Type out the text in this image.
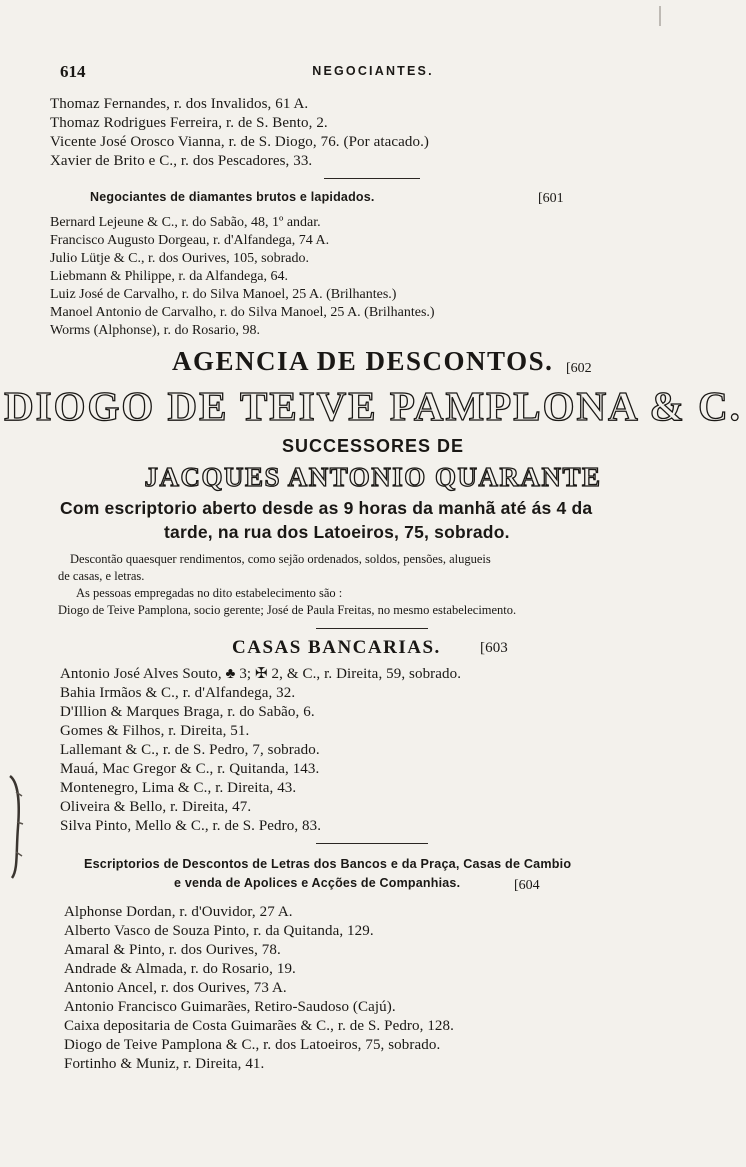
614	NEGOCIANTES.
Thomaz Fernandes, r. dos Invalidos, 61 A.
Thomaz Rodrigues Ferreira, r. de S. Bento, 2.
Vicente José Orosco Vianna, r. de S. Diogo, 76. (Por atacado.)
Xavier de Brito e C., r. dos Pescadores, 33.
Negociantes de diamantes brutos e lapidados.	[601
Bernard Lejeune & C., r. do Sabão, 48, 1º andar.
Francisco Augusto Dorgeau, r. d'Alfandega, 74 A.
Julio Lütje & C., r. dos Ourives, 105, sobrado.
Liebmann & Philippe, r. da Alfandega, 64.
Luiz José de Carvalho, r. do Silva Manoel, 25 A. (Brilhantes.)
Manoel Antonio de Carvalho, r. do Silva Manoel, 25 A. (Brilhantes.)
Worms (Alphonse), r. do Rosario, 98.
AGENCIA DE DESCONTOS. [602
DIOGO DE TEIVE PAMPLONA & C.
SUCCESSORES DE
JACQUES ANTONIO QUARANTE
Com escriptorio aberto desde as 9 horas da manhã até ás 4 da
tarde, na rua dos Latoeiros, 75, sobrado.
Descontão quaesquer rendimentos, como sejão ordenados, soldos, pensões, alugueis
de casas, e letras.
As pessoas empregadas no dito estabelecimento são :
Diogo de Teive Pamplona, socio gerente; José de Paula Freitas, no mesmo estabelecimento.
CASAS BANCARIAS.	[603
Antonio José Alves Souto, ♣ 3; ✠ 2, & C., r. Direita, 59, sobrado.
Bahia Irmãos & C., r. d'Alfandega, 32.
D'Illion & Marques Braga, r. do Sabão, 6.
Gomes & Filhos, r. Direita, 51.
Lallemant & C., r. de S. Pedro, 7, sobrado.
Mauá, Mac Gregor & C., r. Quitanda, 143.
Montenegro, Lima & C., r. Direita, 43.
Oliveira & Bello, r. Direita, 47.
Silva Pinto, Mello & C., r. de S. Pedro, 83.
Escriptorios de Descontos de Letras dos Bancos e da Praça, Casas de Cambio
e venda de Apolices e Acções de Companhias.	[604
Alphonse Dordan, r. d'Ouvidor, 27 A.
Alberto Vasco de Souza Pinto, r. da Quitanda, 129.
Amaral & Pinto, r. dos Ourives, 78.
Andrade & Almada, r. do Rosario, 19.
Antonio Ancel, r. dos Ourives, 73 A.
Antonio Francisco Guimarães, Retiro-Saudoso (Cajú).
Caixa depositaria de Costa Guimarães & C., r. de S. Pedro, 128.
Diogo de Teive Pamplona & C., r. dos Latoeiros, 75, sobrado.
Fortinho & Muniz, r. Direita, 41.
